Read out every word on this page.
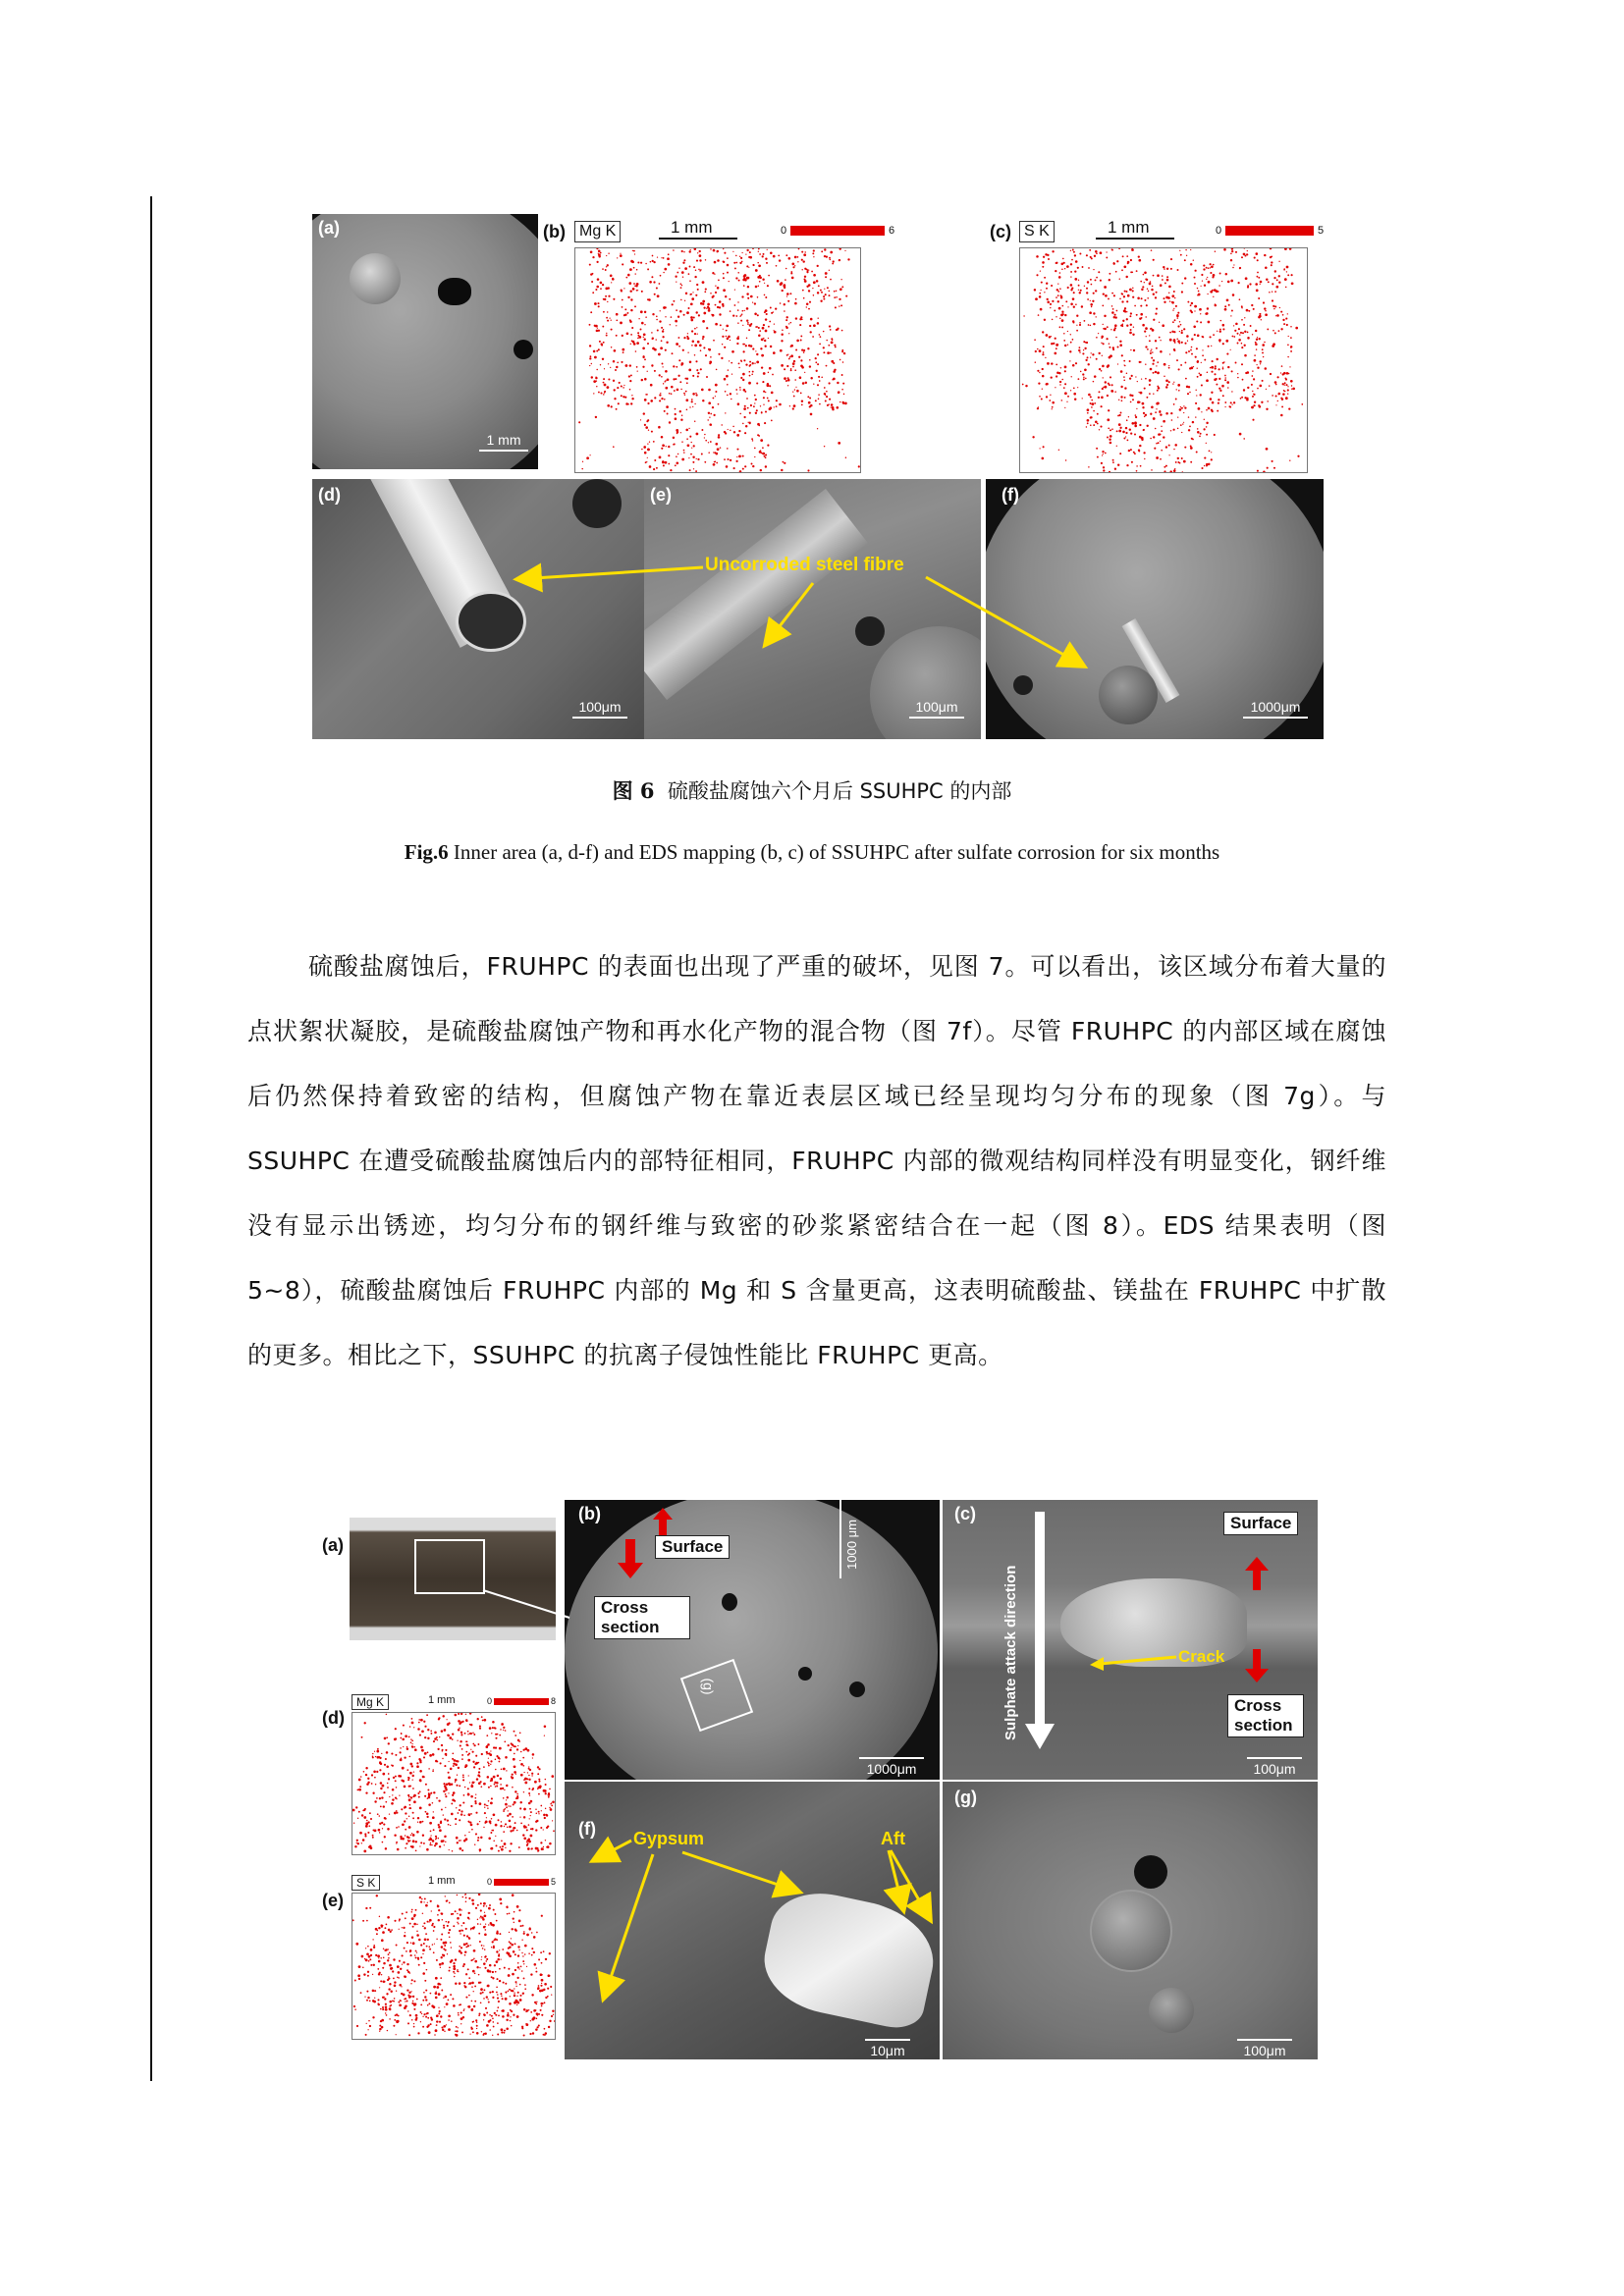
(a)
1 mm
(b) Mg K	1 mm	0	6	(c) S K	1 mm	0	5
(d)
100μm
(e)
100μm
(f)
1000μm
Uncorroded steel fibre
图 6 硫酸盐腐蚀六个月后 SSUHPC 的内部
Fig.6 Inner area (a, d-f) and EDS mapping (b, c) of SSUHPC after sulfate corrosion for six months

硫酸盐腐蚀后，FRUHPC 的表面也出现了严重的破坏，见图 7。可以看出，该区域分布着大量的点状絮状凝胶，是硫酸盐腐蚀产物和再水化产物的混合物（图 7f）。尽管 FRUHPC 的内部区域在腐蚀后仍然保持着致密的结构，但腐蚀产物在靠近表层区域已经呈现均匀分布的现象（图 7g）。与 SSUHPC 在遭受硫酸盐腐蚀后内的部特征相同，FRUHPC 内部的微观结构同样没有明显变化，钢纤维没有显示出锈迹，均匀分布的钢纤维与致密的砂浆紧密结合在一起（图 8）。EDS 结果表明（图 5~8），硫酸盐腐蚀后 FRUHPC 内部的 Mg 和 S 含量更高，这表明硫酸盐、镁盐在 FRUHPC 中扩散的更多。相比之下，SSUHPC 的抗离子侵蚀性能比 FRUHPC 更高。

(a)
(d)
Mg K	1 mm	0	8
(e)
S K	1 mm	0	5
(g)
(b)
Surface
Cross section
1000 μm
1000μm
(c)
Sulphate attack direction
Surface
Crack
Cross section
100μm
(f) Gypsum	Aft
10μm
(g)
100μm
